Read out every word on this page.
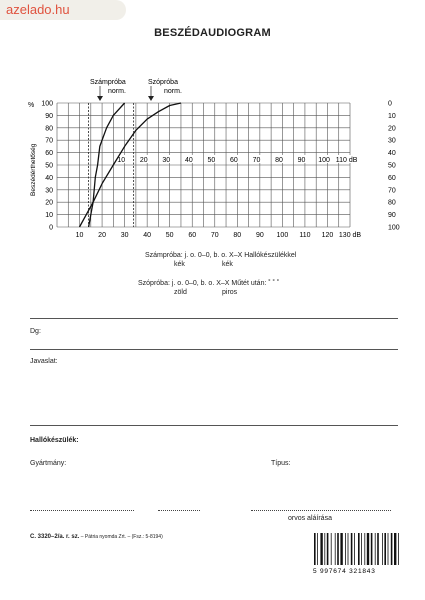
azelado.hu
BESZÉDAUDIOGRAM
100
90
80
70
60
50
40
30
20
10
0
0
10
20
30
40
50
60
70
80
90
100
10 20 30 40 50 60 70 80 90 100 110 120 130 dB
10 20 30 40 50 60 70 80 90 100 110 dB
%
Beszédérthetőség
Számpróba
norm.
Szópróba
norm.
Számpróba: j. o. 0–0, b. o. X–X Hallókészülékkel
kék	kék
Szópróba: j. o. 0–0, b. o. X–X Műtét után: ˚ ˚ ˚
zöld	piros
Dg:
Javaslat:
Hallókészülék:
Gyártmány:	Típus:
orvos aláírása
C. 3320–2/a. r. sz. – Pátria nyomda Zrt. – (Fsz.: 5-8194)
5 997674 321843
